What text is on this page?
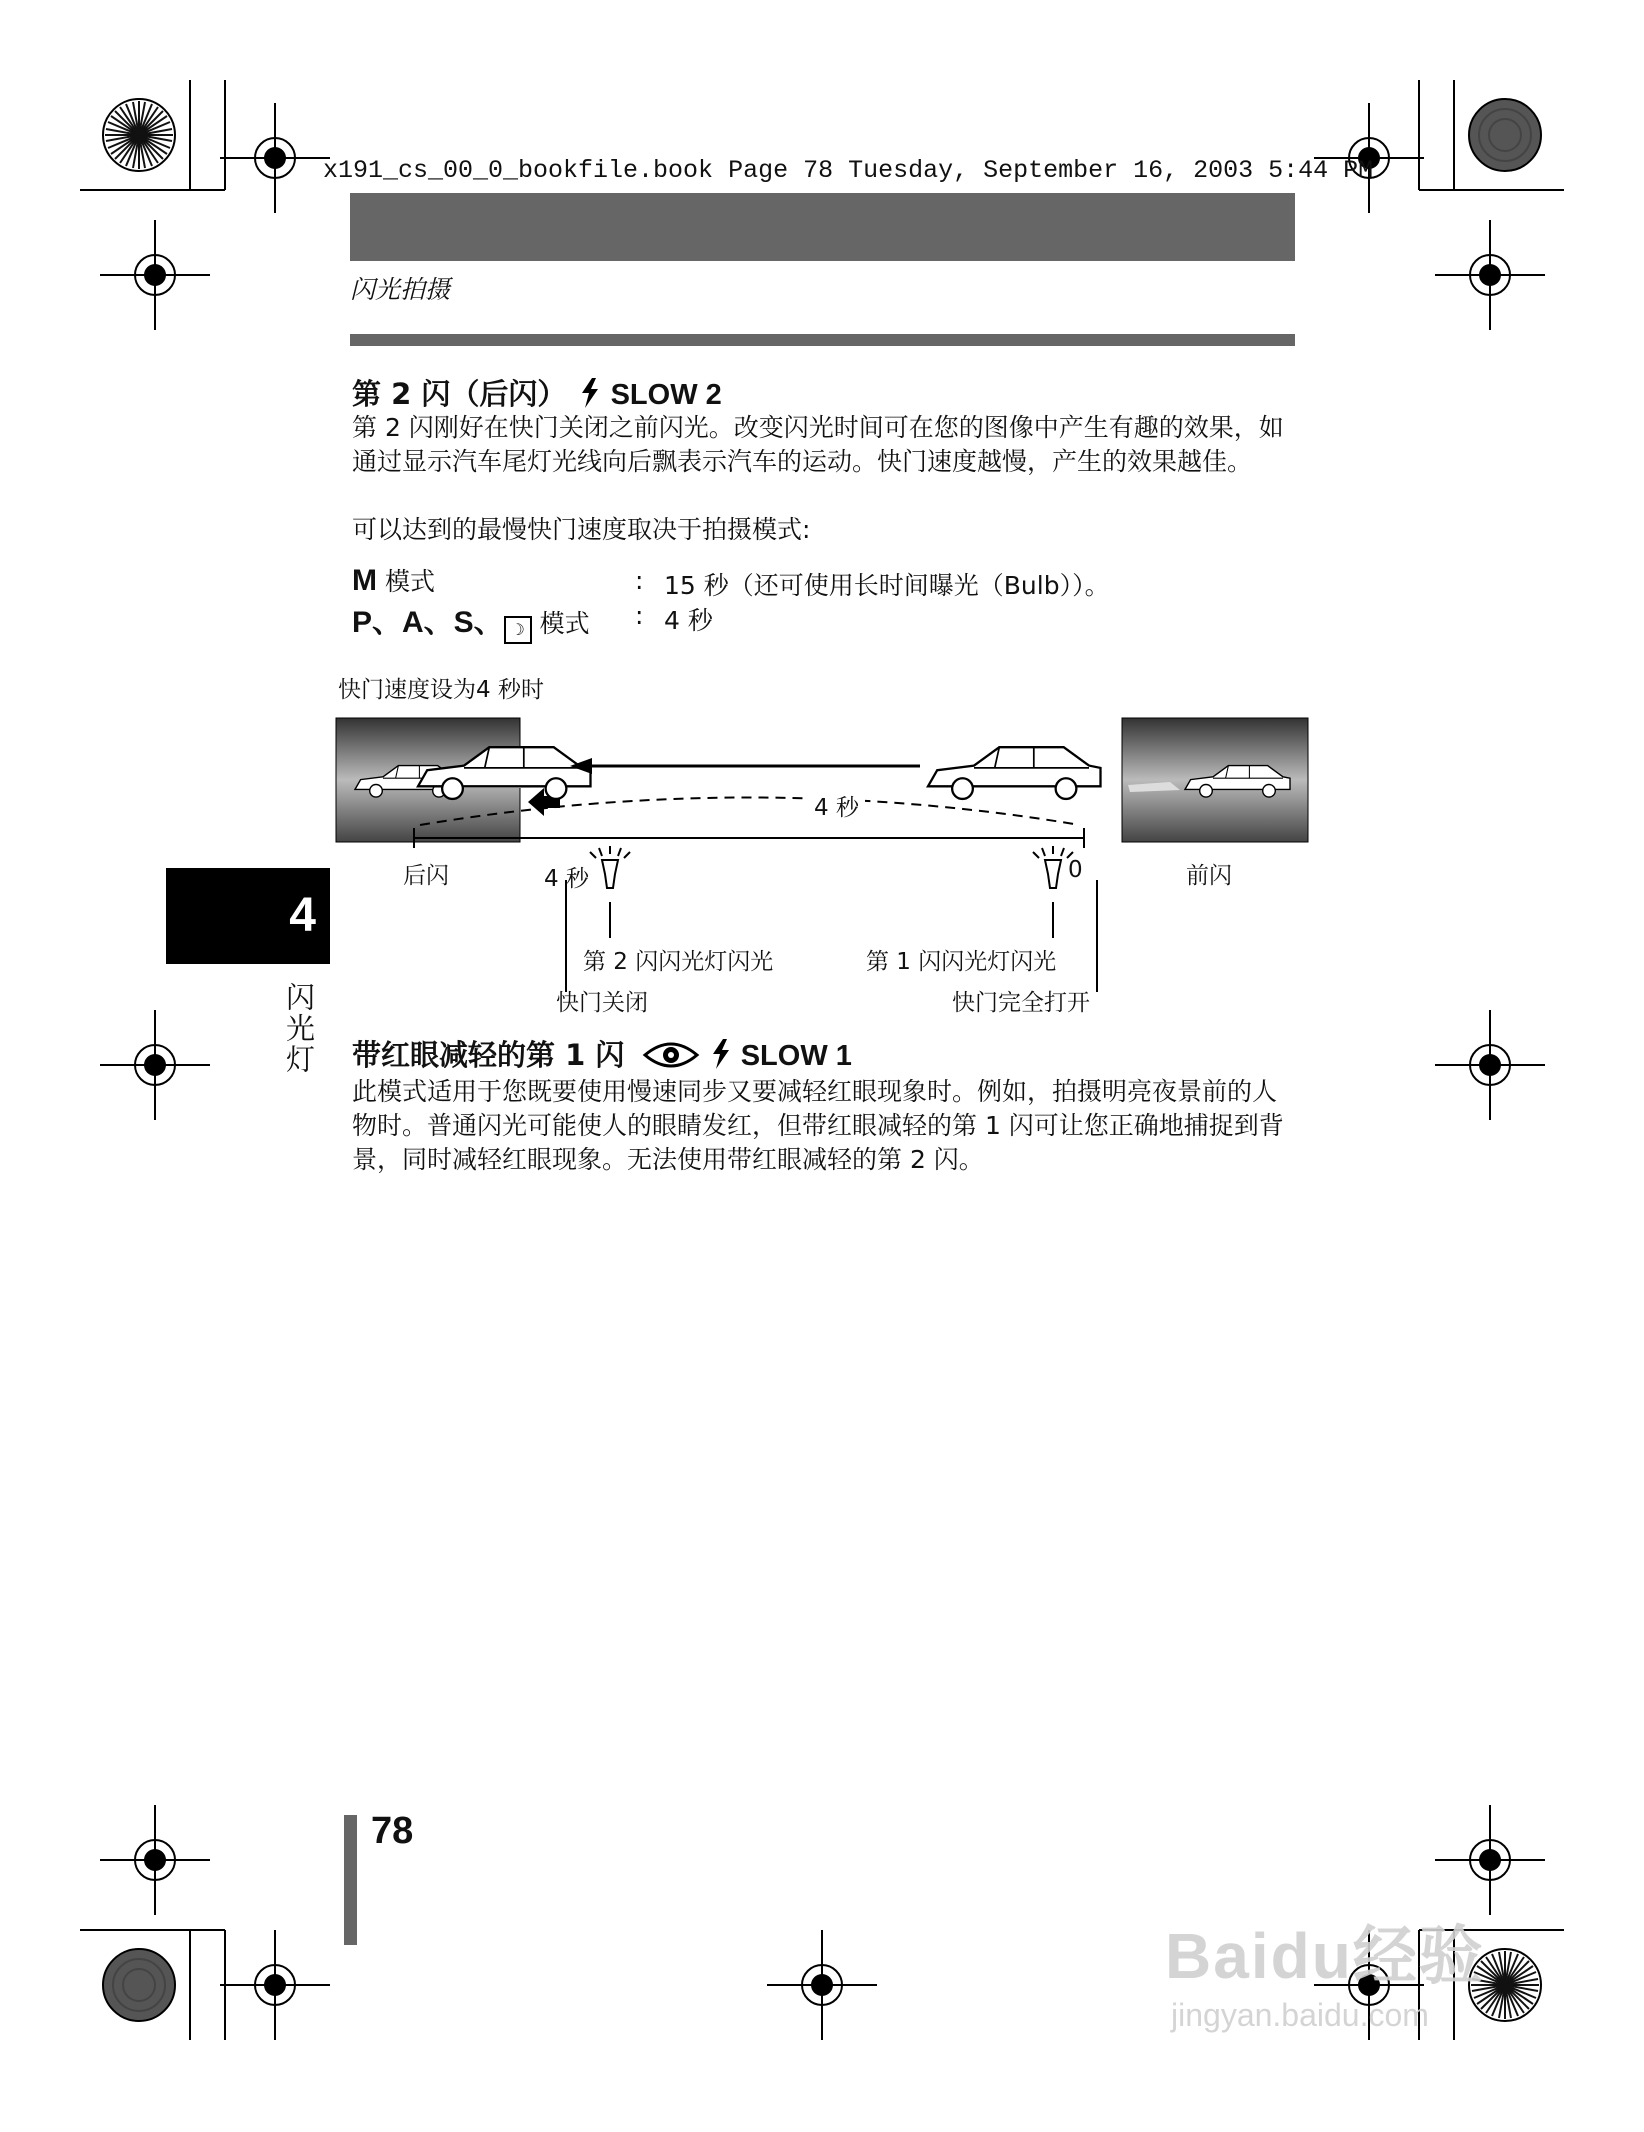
x191_cs_00_0_bookfile.book Page 78 Tuesday, September 16, 2003 5:44 PM
闪光拍摄
第 2 闪（后闪） SLOW 2
第 2 闪刚好在快门关闭之前闪光。改变闪光时间可在您的图像中产生有趣的效果，如通过显示汽车尾灯光线向后飘表示汽车的运动。快门速度越慢，产生的效果越佳。
可以达到的最慢快门速度取决于拍摄模式:
M 模式	: 15 秒（还可使用长时间曝光（Bulb））。
P、A、S、 ☽ 模式 : 4 秒
快门速度设为4 秒时
4 秒
4 秒	0
后闪	前闪
第 2 闪闪光灯闪光	第 1 闪闪光灯闪光
快门关闭	快门完全打开
4
闪光灯 带红眼减轻的第 1 闪	SLOW 1
此模式适用于您既要使用慢速同步又要减轻红眼现象时。例如，拍摄明亮夜景前的人物时。普通闪光可能使人的眼睛发红，但带红眼减轻的第 1 闪可让您正确地捕捉到背景，同时减轻红眼现象。无法使用带红眼减轻的第 2 闪。
78
Baidu经验
jingyan.baidu.com
